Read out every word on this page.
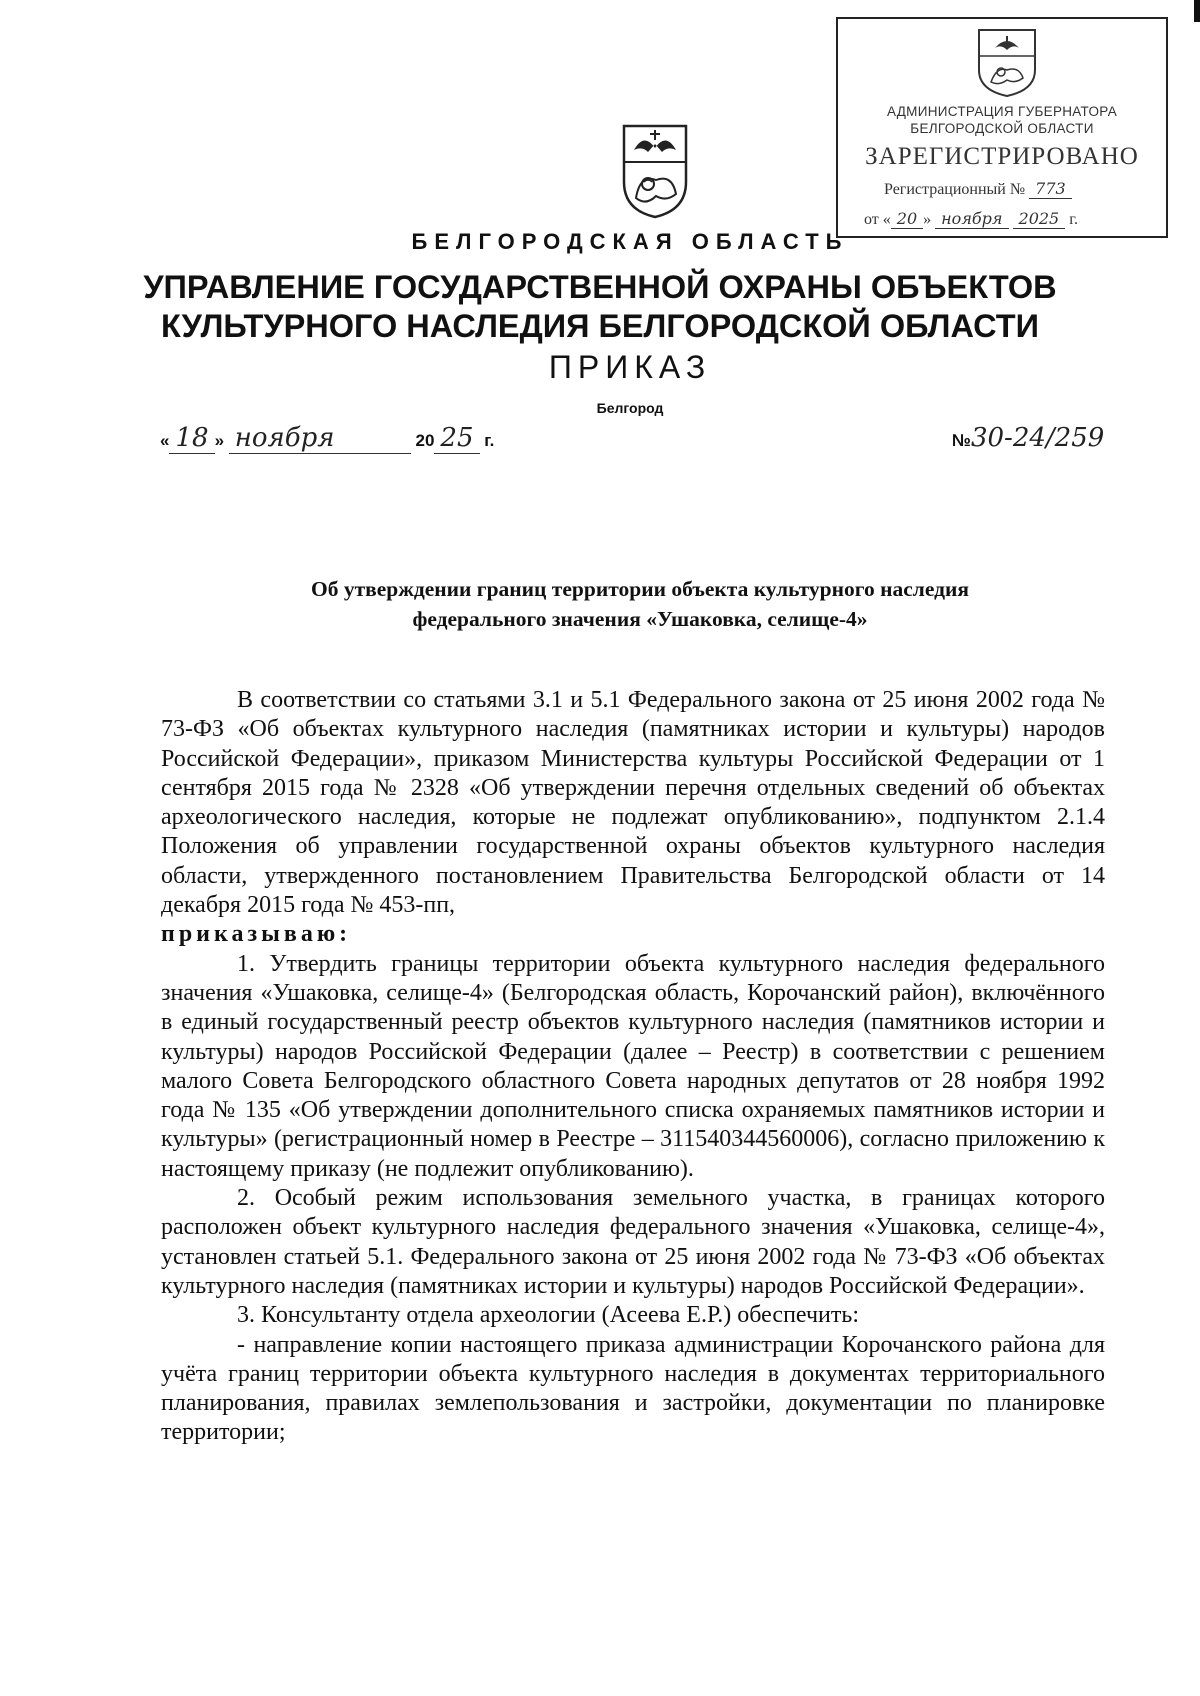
АДМИНИСТРАЦИЯ ГУБЕРНАТОРА
БЕЛГОРОДСКОЙ ОБЛАСТИ
ЗАРЕГИСТРИРОВАНО
Регистрационный № 773
от « 20 » ноября 2025 г.
БЕЛГОРОДСКАЯ ОБЛАСТЬ
УПРАВЛЕНИЕ ГОСУДАРСТВЕННОЙ ОХРАНЫ ОБЪЕКТОВ
КУЛЬТУРНОГО НАСЛЕДИЯ БЕЛГОРОДСКОЙ ОБЛАСТИ
ПРИКАЗ
Белгород
« 18 » ноября	20 25 г.	№30-24/259
Об утверждении границ территории объекта культурного наследия
федерального значения «Ушаковка, селище-4»

В соответствии со статьями 3.1 и 5.1 Федерального закона от 25 июня 2002 года № 73-ФЗ «Об объектах культурного наследия (памятниках истории и культуры) народов Российской Федерации», приказом Министерства культуры Российской Федерации от 1 сентября 2015 года № 2328 «Об утверждении перечня отдельных сведений об объектах археологического наследия, которые не подлежат опубликованию», подпунктом 2.1.4 Положения об управлении государственной охраны объектов культурного наследия области, утвержденного постановлением Правительства Белгородской области от 14 декабря 2015 года № 453-пп,

приказываю:

1. Утвердить границы территории объекта культурного наследия федерального значения «Ушаковка, селище-4» (Белгородская область, Корочанский район), включённого в единый государственный реестр объектов культурного наследия (памятников истории и культуры) народов Российской Федерации (далее – Реестр) в соответствии с решением малого Совета Белгородского областного Совета народных депутатов от 28 ноября 1992 года № 135 «Об утверждении дополнительного списка охраняемых памятников истории и культуры» (регистрационный номер в Реестре – 311540344560006), согласно приложению к настоящему приказу (не подлежит опубликованию).

2. Особый режим использования земельного участка, в границах которого расположен объект культурного наследия федерального значения «Ушаковка, селище-4», установлен статьей 5.1. Федерального закона от 25 июня 2002 года № 73-ФЗ «Об объектах культурного наследия (памятниках истории и культуры) народов Российской Федерации».

3. Консультанту отдела археологии (Асеева Е.Р.) обеспечить:

- направление копии настоящего приказа администрации Корочанского района для учёта границ территории объекта культурного наследия в документах территориального планирования, правилах землепользования и застройки, документации по планировке территории;
